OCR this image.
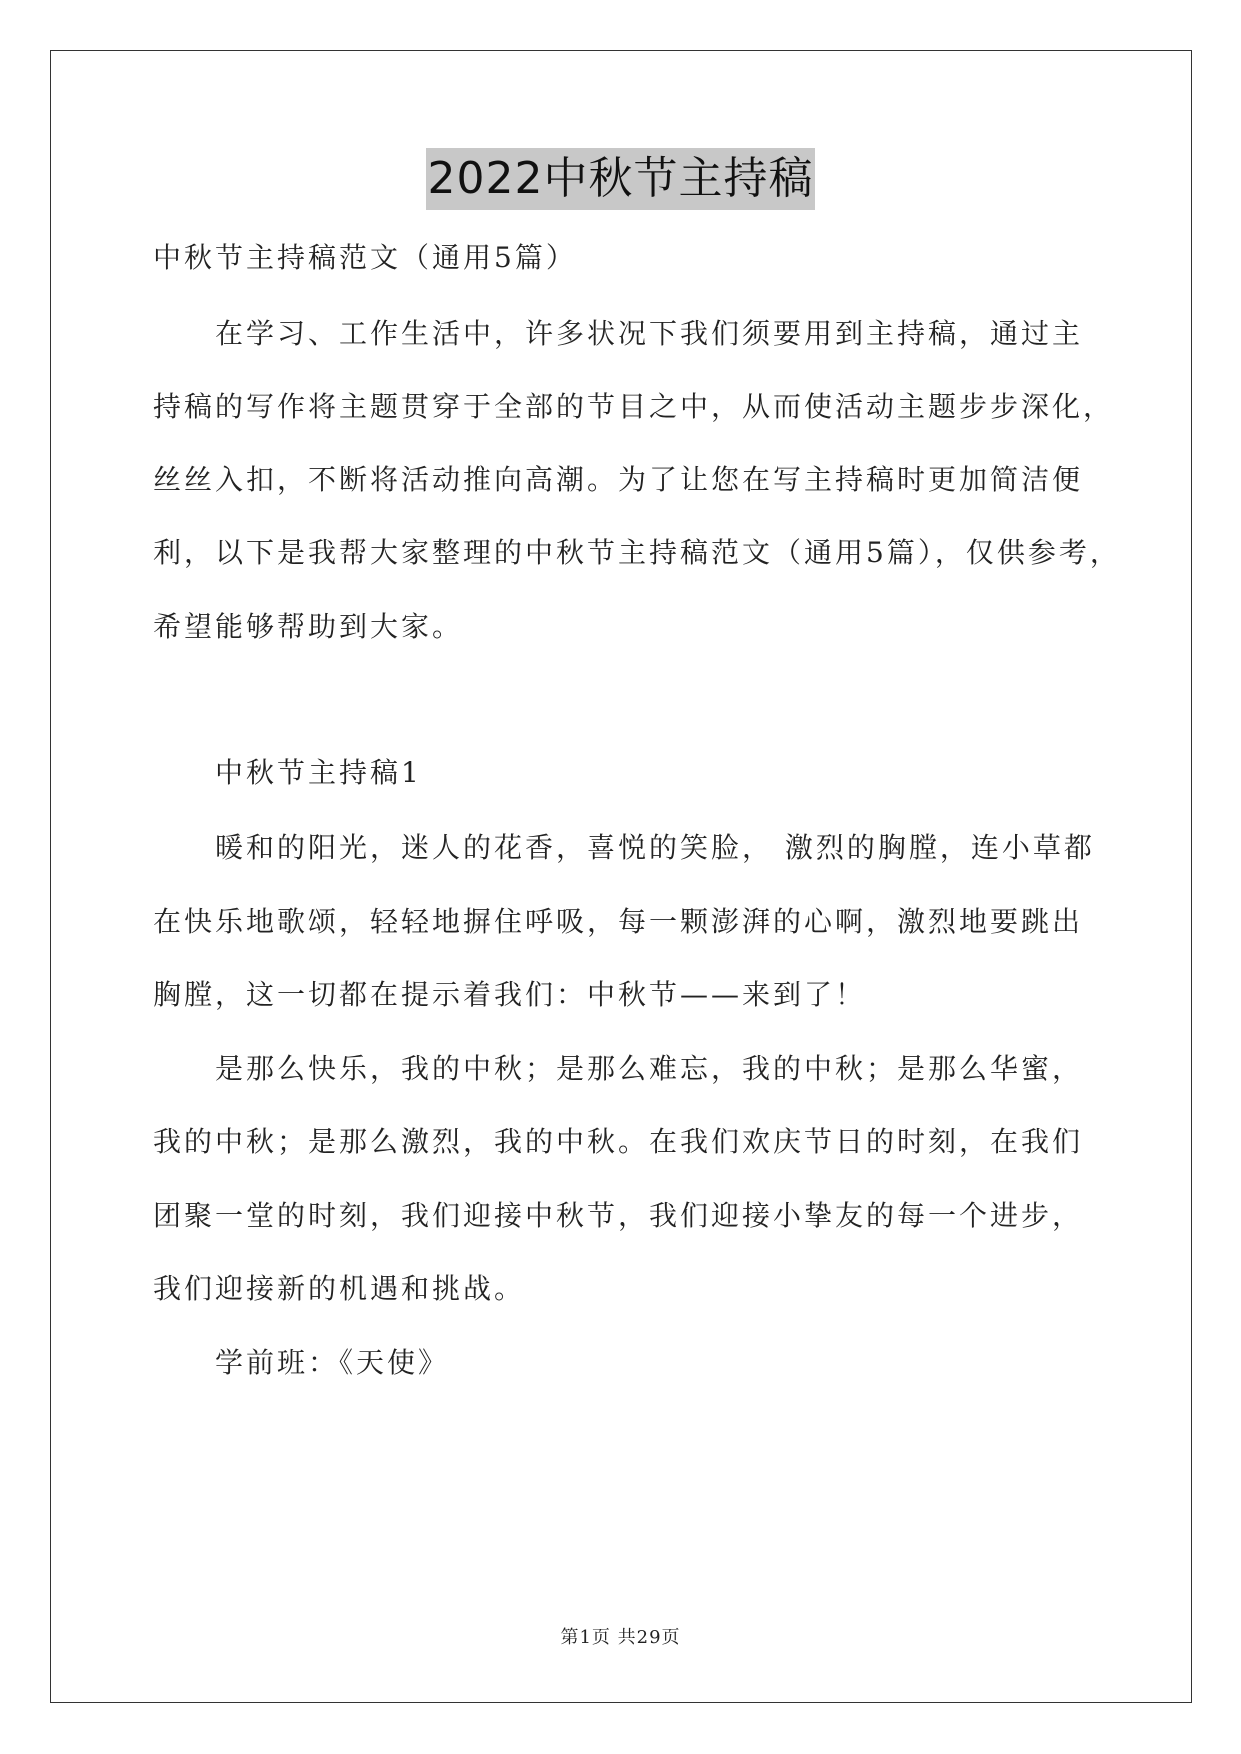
2022中秋节主持稿
中秋节主持稿范文（通用5篇）
在学习、工作生活中，许多状况下我们须要用到主持稿，通过主
持稿的写作将主题贯穿于全部的节目之中，从而使活动主题步步深化，
丝丝入扣，不断将活动推向高潮。为了让您在写主持稿时更加简洁便
利，以下是我帮大家整理的中秋节主持稿范文（通用5篇），仅供参考，
希望能够帮助到大家。
中秋节主持稿1
暖和的阳光，迷人的花香，喜悦的笑脸， 激烈的胸膛，连小草都
在快乐地歌颂，轻轻地摒住呼吸，每一颗澎湃的心啊，激烈地要跳出
胸膛，这一切都在提示着我们：中秋节——来到了！
是那么快乐，我的中秋；是那么难忘，我的中秋；是那么华蜜，
我的中秋；是那么激烈，我的中秋。在我们欢庆节日的时刻，在我们
团聚一堂的时刻，我们迎接中秋节，我们迎接小挚友的每一个进步，
我们迎接新的机遇和挑战。
学前班：《天使》
第1页 共29页
